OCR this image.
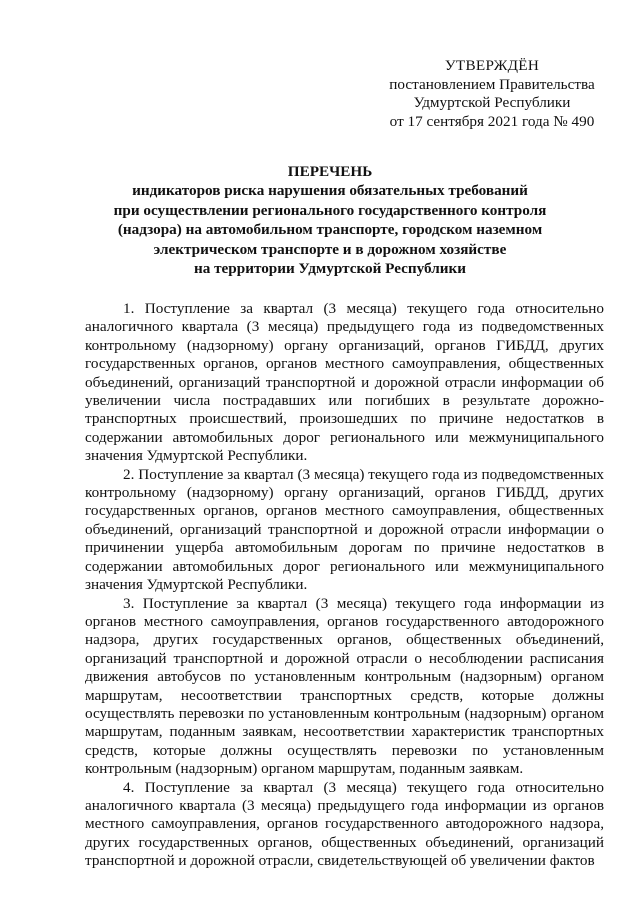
УТВЕРЖДЁН
постановлением Правительства
Удмуртской Республики
от 17 сентября 2021 года № 490
ПЕРЕЧЕНЬ
индикаторов риска нарушения обязательных требований
при осуществлении регионального государственного контроля
(надзора) на автомобильном транспорте, городском наземном
электрическом транспорте и в дорожном хозяйстве
на территории Удмуртской Республики

1. Поступление за квартал (3 месяца) текущего года относительно аналогичного квартала (3 месяца) предыдущего года из подведомственных контрольному (надзорному) органу организаций, органов ГИБДД, других государственных органов, органов местного самоуправления, общественных объединений, организаций транспортной и дорожной отрасли информации об увеличении числа пострадавших или погибших в результате дорожно-транспортных происшествий, произошедших по причине недостатков в содержании автомобильных дорог регионального или межмуниципального значения Удмуртской Республики.

2. Поступление за квартал (3 месяца) текущего года из подведомственных контрольному (надзорному) органу организаций, органов ГИБДД, других государственных органов, органов местного самоуправления, общественных объединений, организаций транспортной и дорожной отрасли информации о причинении ущерба автомобильным дорогам по причине недостатков в содержании автомобильных дорог регионального или межмуниципального значения Удмуртской Республики.

3. Поступление за квартал (3 месяца) текущего года информации из органов местного самоуправления, органов государственного автодорожного надзора, других государственных органов, общественных объединений, организаций транспортной и дорожной отрасли о несоблюдении расписания движения автобусов по установленным контрольным (надзорным) органом маршрутам, несоответствии транспортных средств, которые должны осуществлять перевозки по установленным контрольным (надзорным) органом маршрутам, поданным заявкам, несоответствии характеристик транспортных средств, которые должны осуществлять перевозки по установленным контрольным (надзорным) органом маршрутам, поданным заявкам.

4. Поступление за квартал (3 месяца) текущего года относительно аналогичного квартала (3 месяца) предыдущего года информации из органов местного самоуправления, органов государственного автодорожного надзора, других государственных органов, общественных объединений, организаций транспортной и дорожной отрасли, свидетельствующей об увеличении фактов
